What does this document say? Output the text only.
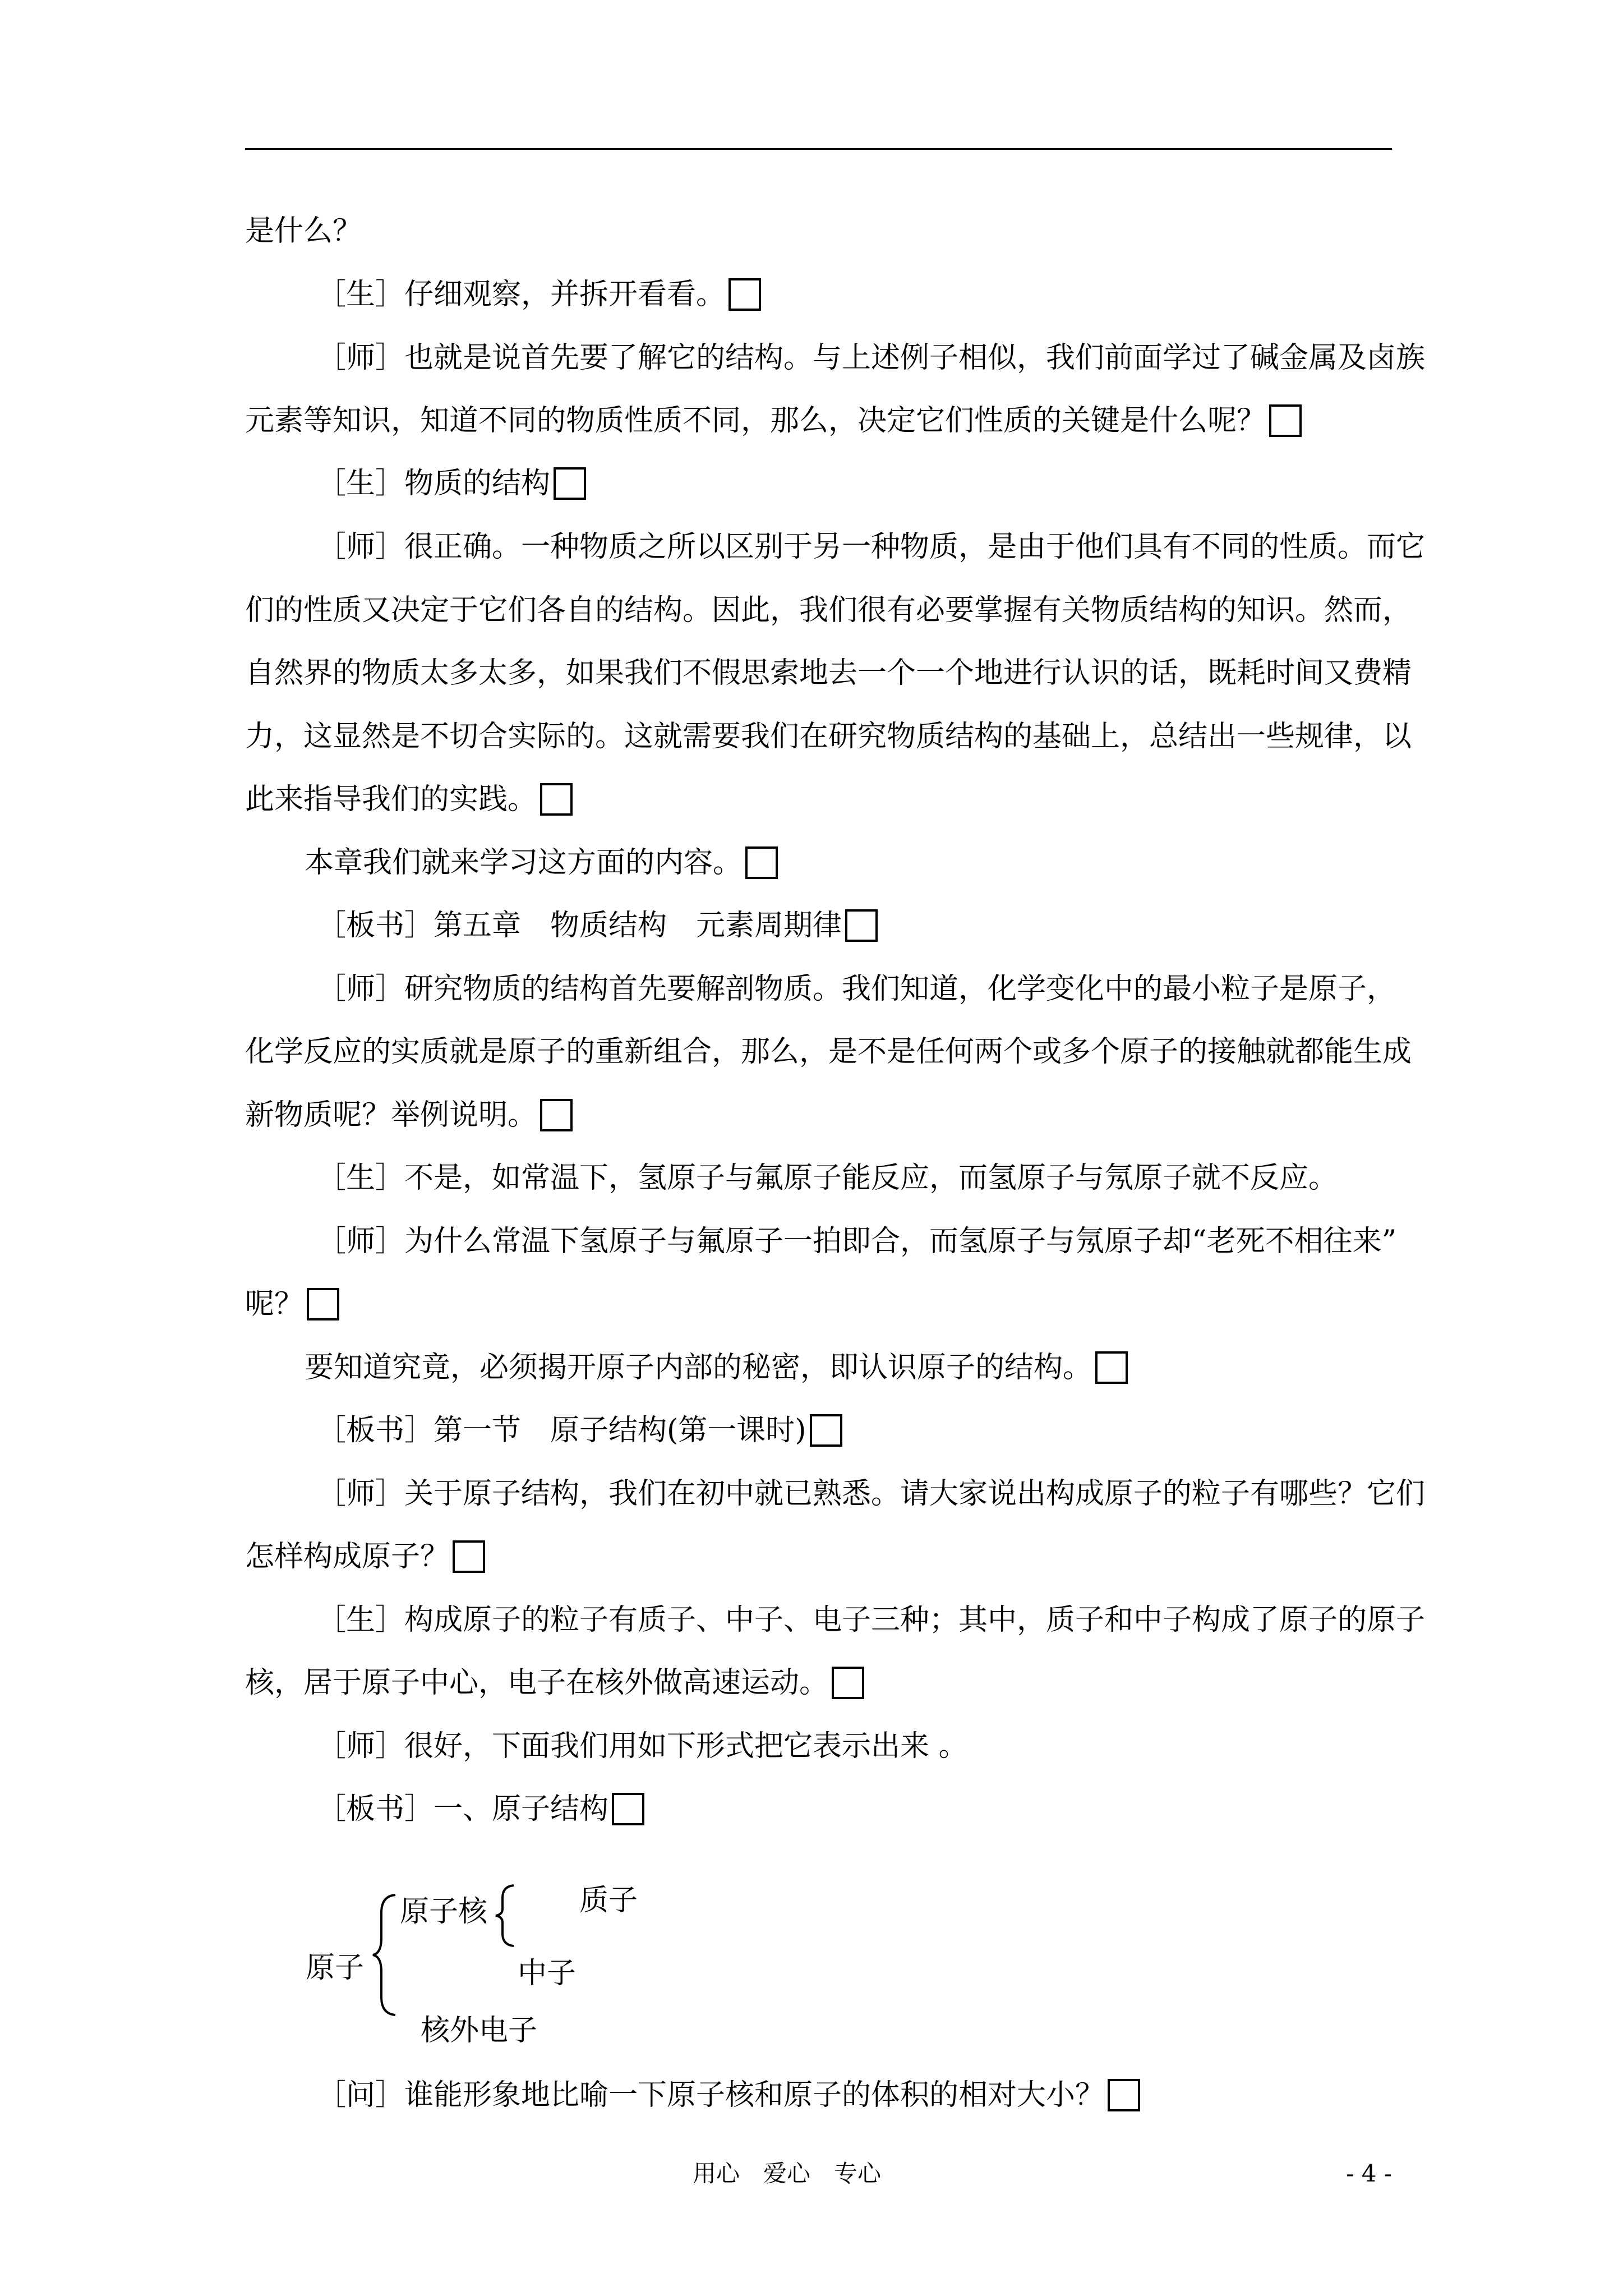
是什么？
［生］仔细观察，并拆开看看。
［师］也就是说首先要了解它的结构。与上述例子相似，我们前面学过了碱金属及卤族
元素等知识，知道不同的物质性质不同，那么，决定它们性质的关键是什么呢？
［生］物质的结构
［师］很正确。一种物质之所以区别于另一种物质，是由于他们具有不同的性质。而它
们的性质又决定于它们各自的结构。因此，我们很有必要掌握有关物质结构的知识。然而，
自然界的物质太多太多，如果我们不假思索地去一个一个地进行认识的话，既耗时间又费精
力，这显然是不切合实际的。这就需要我们在研究物质结构的基础上，总结出一些规律，以
此来指导我们的实践。
本章我们就来学习这方面的内容。
［板书］第五章　物质结构　元素周期律
［师］研究物质的结构首先要解剖物质。我们知道，化学变化中的最小粒子是原子，
化学反应的实质就是原子的重新组合，那么，是不是任何两个或多个原子的接触就都能生成
新物质呢？举例说明。
［生］不是，如常温下，氢原子与氟原子能反应，而氢原子与氖原子就不反应。
［师］为什么常温下氢原子与氟原子一拍即合，而氢原子与氖原子却“老死不相往来”
呢？
要知道究竟，必须揭开原子内部的秘密，即认识原子的结构。
［板书］第一节　原子结构(第一课时)
［师］关于原子结构，我们在初中就已熟悉。请大家说出构成原子的粒子有哪些？它们
怎样构成原子？
［生］构成原子的粒子有质子、中子、电子三种；其中，质子和中子构成了原子的原子
核，居于原子中心，电子在核外做高速运动。
［师］很好，下面我们用如下形式把它表示出来 。
［板书］一、原子结构
［问］谁能形象地比喻一下原子核和原子的体积的相对大小？
原子
原子核	质子
中子
核外电子
用心　爱心　专心	- 4 -
